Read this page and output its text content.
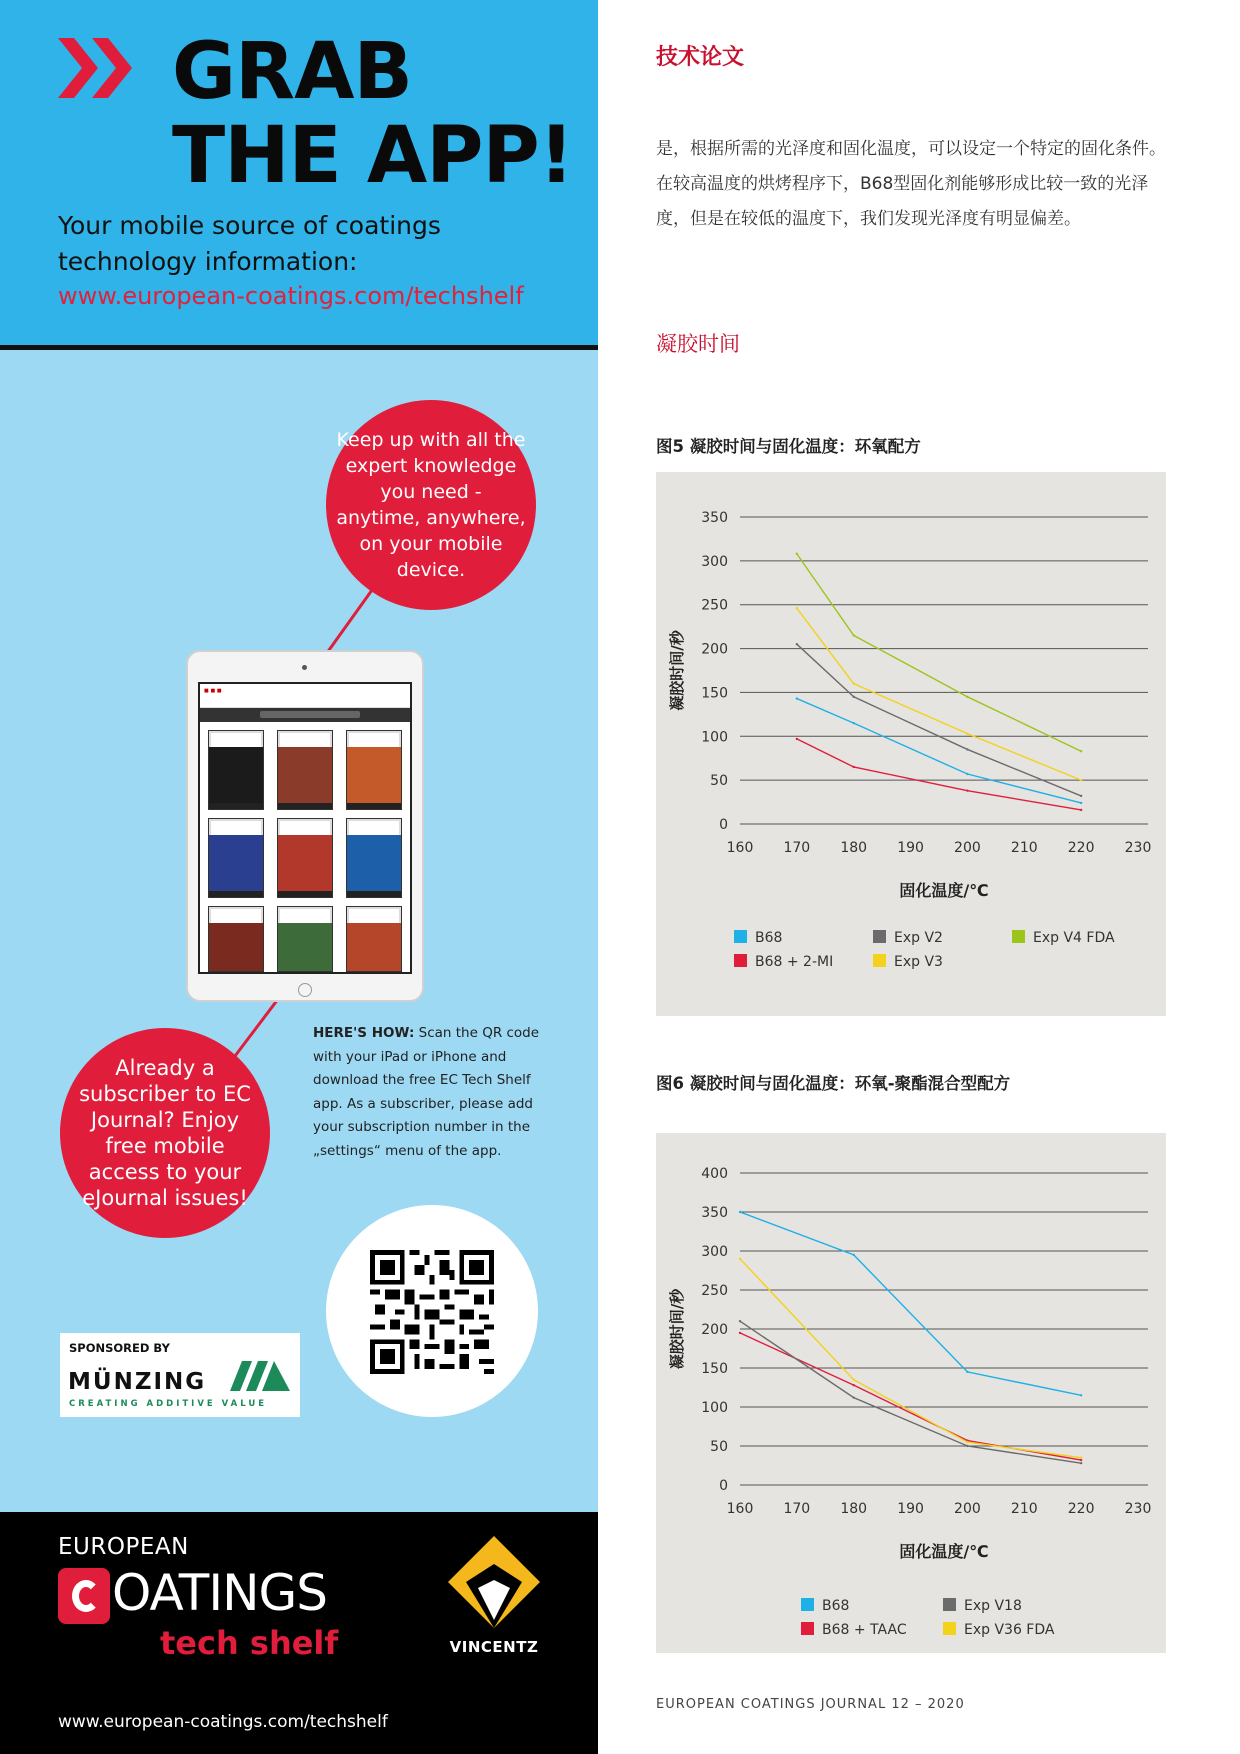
GRAB
THE APP!
Your mobile source of coatings
technology information:
www.european-coatings.com/techshelf
Keep up with all the expert knowledge you need - anytime, anywhere, on your mobile device.
■ ■ ■
HERE'S HOW: Scan the QR code with your iPad or iPhone and download the free EC Tech Shelf app. As a subscriber, please add your subscription number in the „settings“ menu of the app.
Already a subscriber to EC Journal? Enjoy free mobile access to your eJournal issues!
SPONSORED BY
MÜNZING
CREATING ADDITIVE VALUE
EUROPEAN
OATINGS
tech shelf	VINCENTZ
www.european-coatings.com/techshelf
技术论文
是，根据所需的光泽度和固化温度，可以设定一个特定的固化条件。在较高温度的烘烤程序下，B68型固化剂能够形成比较一致的光泽度，但是在较低的温度下，我们发现光泽度有明显偏差。
凝胶时间
图5 凝胶时间与固化温度：环氧配方
0
50
100
150
200
250
300
350
160 170 180 190 200 210 220 230
凝胶时间/秒
固化温度/℃
B68
B68 + 2-MI
Exp V2
Exp V3
Exp V4 FDA
图6 凝胶时间与固化温度：环氧-聚酯混合型配方
0
50
100
150
200
250
300
350
400
160 170 180 190 200 210 220 230
凝胶时间/秒
固化温度/℃
B68
B68 + TAAC
Exp V18
Exp V36 FDA
EUROPEAN COATINGS JOURNAL 12 – 2020
